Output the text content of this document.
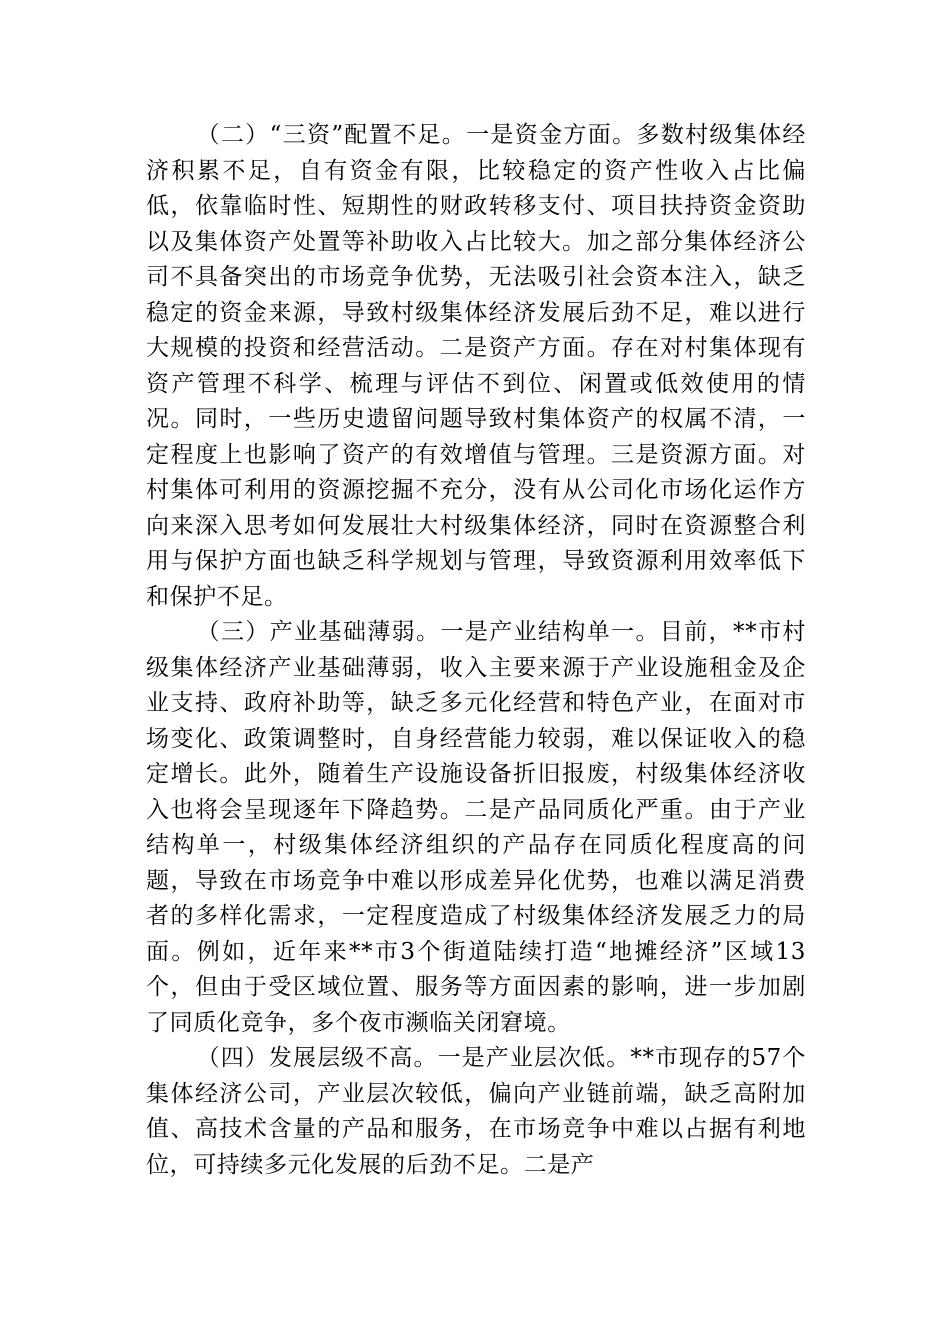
（二）“三资”配置不足。一是资金方面。多数村级集体经济积累不足，自有资金有限，比较稳定的资产性收入占比偏低，依靠临时性、短期性的财政转移支付、项目扶持资金资助以及集体资产处置等补助收入占比较大。加之部分集体经济公司不具备突出的市场竞争优势，无法吸引社会资本注入，缺乏稳定的资金来源，导致村级集体经济发展后劲不足，难以进行大规模的投资和经营活动。二是资产方面。存在对村集体现有资产管理不科学、梳理与评估不到位、闲置或低效使用的情况。同时，一些历史遗留问题导致村集体资产的权属不清，一定程度上也影响了资产的有效增值与管理。三是资源方面。对村集体可利用的资源挖掘不充分，没有从公司化市场化运作方向来深入思考如何发展壮大村级集体经济，同时在资源整合利用与保护方面也缺乏科学规划与管理，导致资源利用效率低下和保护不足。

（三）产业基础薄弱。一是产业结构单一。目前，**市村级集体经济产业基础薄弱，收入主要来源于产业设施租金及企业支持、政府补助等，缺乏多元化经营和特色产业，在面对市场变化、政策调整时，自身经营能力较弱，难以保证收入的稳定增长。此外，随着生产设施设备折旧报废，村级集体经济收入也将会呈现逐年下降趋势。二是产品同质化严重。由于产业结构单一，村级集体经济组织的产品存在同质化程度高的问题，导致在市场竞争中难以形成差异化优势，也难以满足消费者的多样化需求，一定程度造成了村级集体经济发展乏力的局面。例如，近年来**市3个街道陆续打造“地摊经济”区域13个，但由于受区域位置、服务等方面因素的影响，进一步加剧了同质化竞争，多个夜市濒临关闭窘境。

（四）发展层级不高。一是产业层次低。**市现存的57个集体经济公司，产业层次较低，偏向产业链前端，缺乏高附加值、高技术含量的产品和服务，在市场竞争中难以占据有利地位，可持续多元化发展的后劲不足。二是产
